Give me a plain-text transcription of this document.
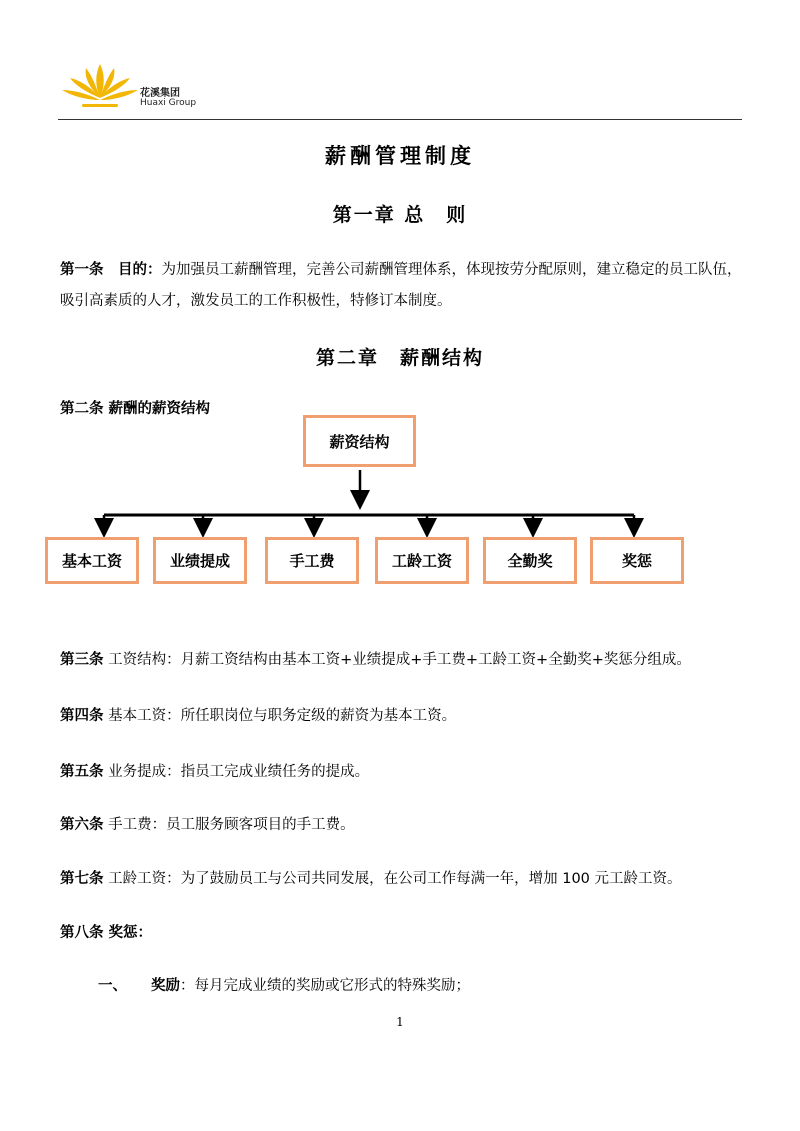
花溪集团
Huaxi Group
薪酬管理制度
第一章 总　则
第一条　目的：为加强员工薪酬管理，完善公司薪酬管理体系，体现按劳分配原则，建立稳定的员工队伍，吸引高素质的人才，激发员工的工作积极性，特修订本制度。
第二章　薪酬结构
第二条 薪酬的薪资结构
薪资结构
基本工资	业绩提成	手工费	工龄工资	全勤奖	奖惩
第三条 工资结构：月薪工资结构由基本工资+业绩提成+手工费+工龄工资+全勤奖+奖惩分组成。
第四条 基本工资：所任职岗位与职务定级的薪资为基本工资。
第五条 业务提成：指员工完成业绩任务的提成。
第六条 手工费：员工服务顾客项目的手工费。
第七条 工龄工资：为了鼓励员工与公司共同发展，在公司工作每满一年，增加 100 元工龄工资。
第八条 奖惩：
一、 奖励：每月完成业绩的奖励或它形式的特殊奖励；
1
